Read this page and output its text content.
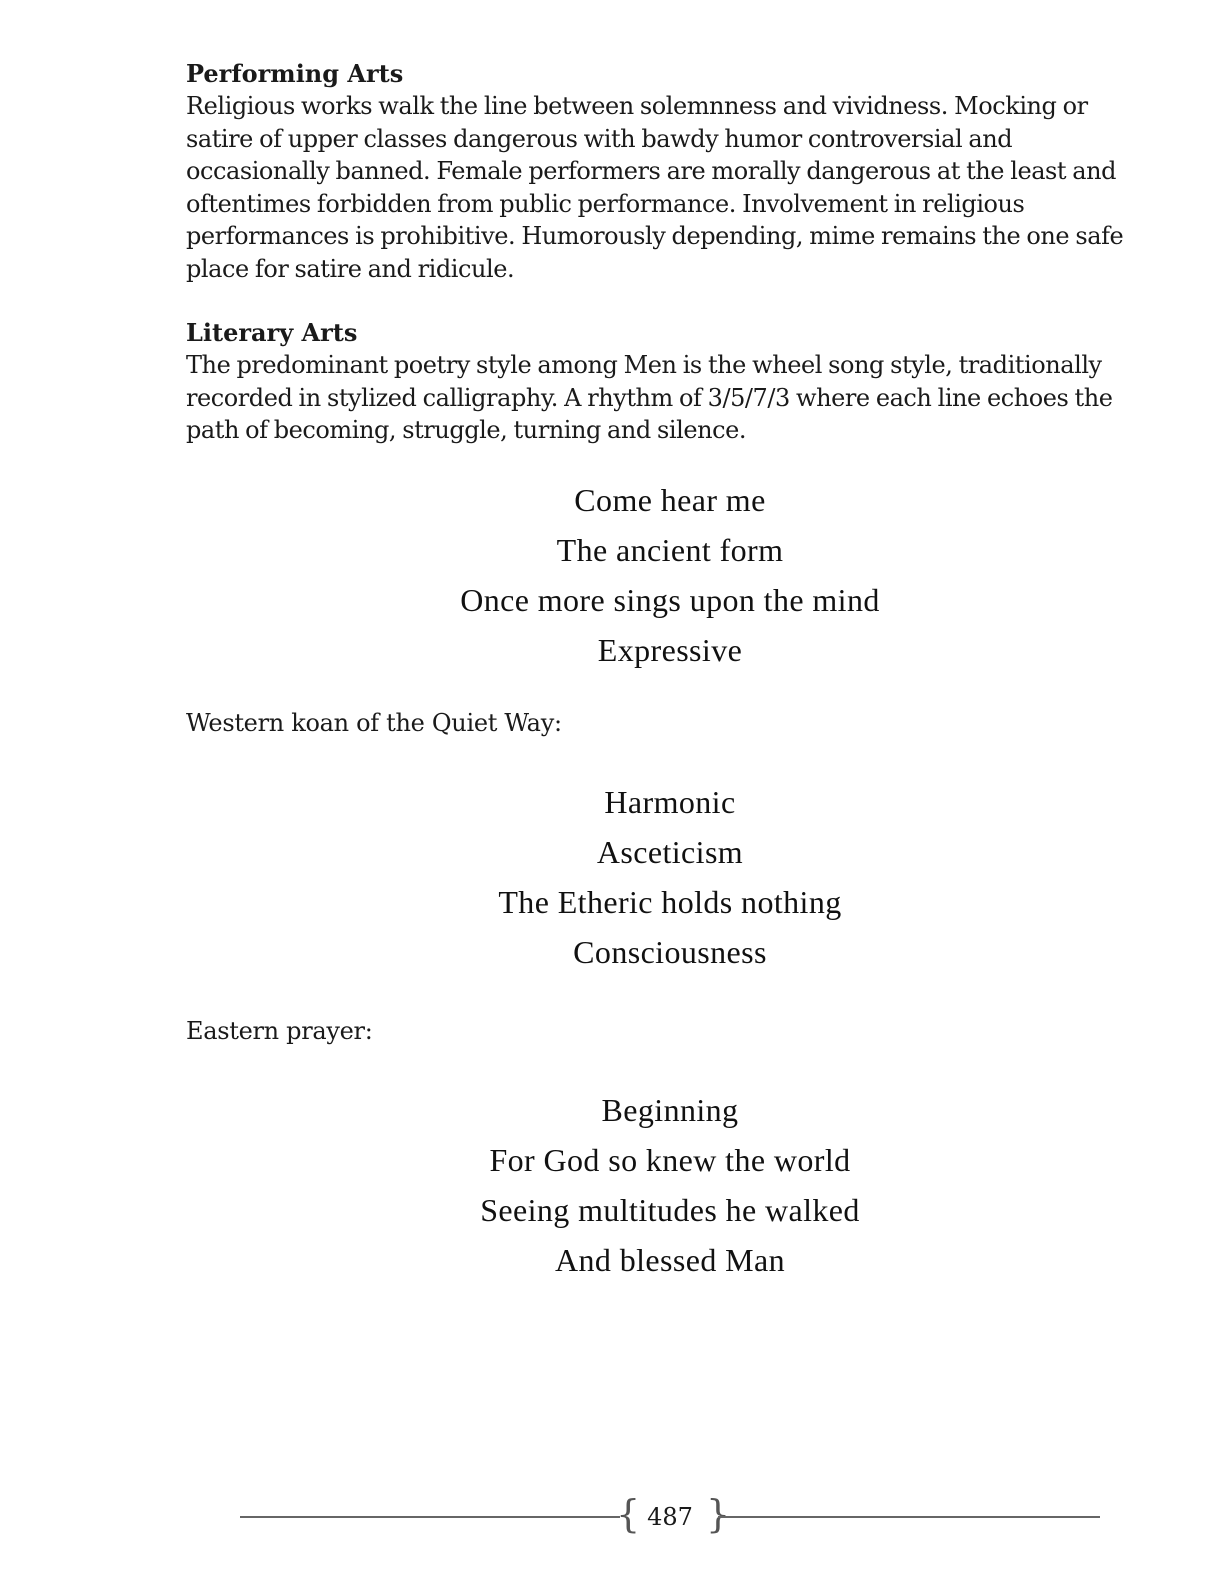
Performing Arts

Religious works walk the line between solemnness and vividness. Mocking or satire of upper classes dangerous with bawdy humor controversial and occasionally banned. Female performers are morally dangerous at the least and oftentimes forbidden from public performance. Involvement in religious performances is prohibitive. Humorously depending, mime remains the one safe place for satire and ridicule.

Literary Arts

The predominant poetry style among Men is the wheel song style, traditionally recorded in stylized calligraphy. A rhythm of 3/5/7/3 where each line echoes the path of becoming, struggle, turning and silence.

Come hear me
The ancient form
Once more sings upon the mind
Expressive

Western koan of the Quiet Way:

Harmonic
Asceticism
The Etheric holds nothing
Consciousness

Eastern prayer:

Beginning
For God so knew the world
Seeing multitudes he walked
And blessed Man
{ 487 }
